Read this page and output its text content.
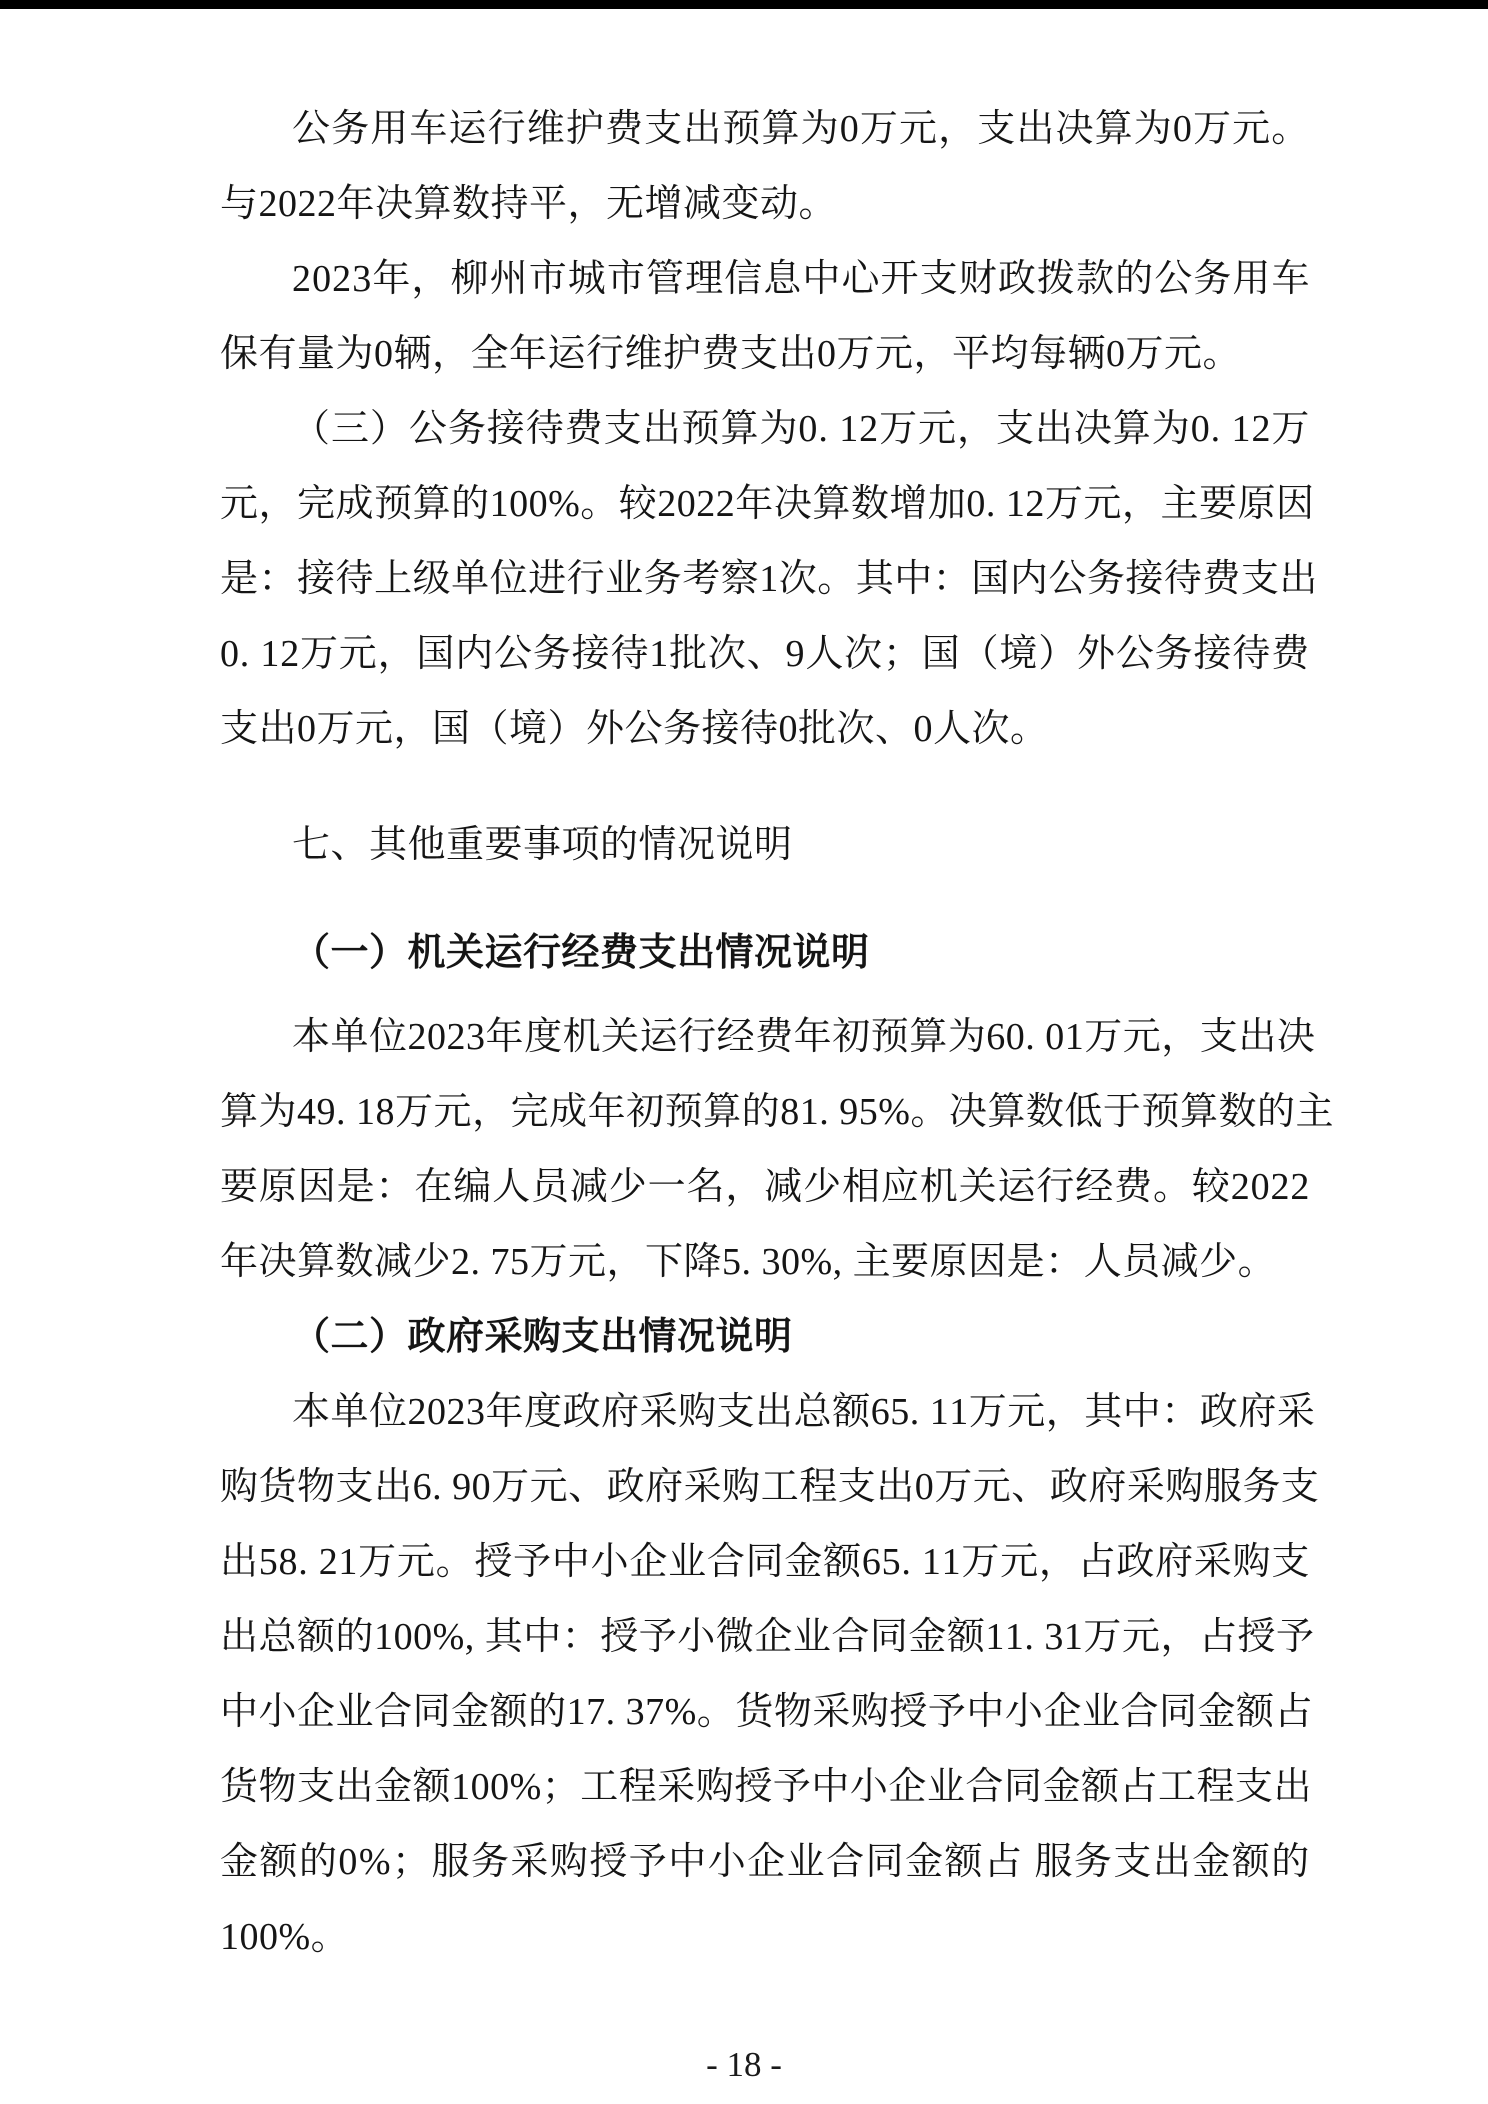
公 务 用 车 运 行 维 护 费 支 出 预 算 为 0 万 元 ， 支 出 决 算 为 0 万 元 。
与2022年决算数持平，无增减变动。
2 0 2 3 年 ， 柳 州 市 城 市 管 理 信 息 中 心 开 支 财 政 拨 款 的 公 务 用 车
保有量为0辆，全年运行维护费支出0万元，平均每辆0万元。
（ 三 ） 公 务 接 待 费 支 出 预 算 为 0 .
1 2 万 元 ， 支 出 决 算 为 0 .
1 2 万
元 ， 完 成 预 算 的 1 0 0 % 。 较 2 0 2 2 年 决 算 数 增 加 0 .
1 2 万 元 ， 主 要 原 因
是 ： 接 待 上 级 单 位 进 行 业 务 考 察 1 次 。 其 中 ： 国 内 公 务 接 待 费 支 出
0 .
1 2 万 元 ， 国 内 公 务 接 待 1 批 次 、 9 人 次 ； 国 （ 境 ） 外 公 务 接 待 费
支出0万元，国（境）外公务接待0批次、0人次。
七、其他重要事项的情况说明
（一）机关运行经费支出情况说明
本 单 位 2 0 2 3 年 度 机 关 运 行 经 费 年 初 预 算 为 6 0 .
0 1 万 元 ， 支 出 决
算 为 4 9 .
1 8 万 元 ， 完 成 年 初 预 算 的 8 1 .
9 5 % 。 决 算 数 低 于 预 算 数 的 主
要 原 因 是 ： 在 编 人 员 减 少 一 名 ， 减 少 相 应 机 关 运 行 经 费 。 较 2 0 2 2
年决算数减少2. 75万元，下降5. 30%, 主要原因是：人员减少。
（二）政府采购支出情况说明
本 单 位 2 0 2 3 年 度 政 府 采 购 支 出 总 额 6 5 .
1 1 万 元 ， 其 中 ： 政 府 采
购 货 物 支 出 6 .
9 0 万 元 、 政 府 采 购 工 程 支 出 0 万 元 、 政 府 采 购 服 务 支
出 5 8 .
2 1 万 元 。 授 予 中 小 企 业 合 同 金 额 6 5 .
1 1 万 元 ， 占 政 府 采 购 支
出 总 额 的 1 0 0 % ,
其 中 ： 授 予 小 微 企 业 合 同 金 额 1 1 .
3 1 万 元 ， 占 授 予
中 小 企 业 合 同 金 额 的 1 7 .
3 7 % 。 货 物 采 购 授 予 中 小 企 业 合 同 金 额 占
货 物 支 出 金 额 1 0 0 % ； 工 程 采 购 授 予 中 小 企 业 合 同 金 额 占 工 程 支 出
金 额 的 0 % ； 服 务 采 购 授 予 中 小 企 业 合 同 金 额 占
服 务 支 出 金 额 的
100%。
- 18 -
